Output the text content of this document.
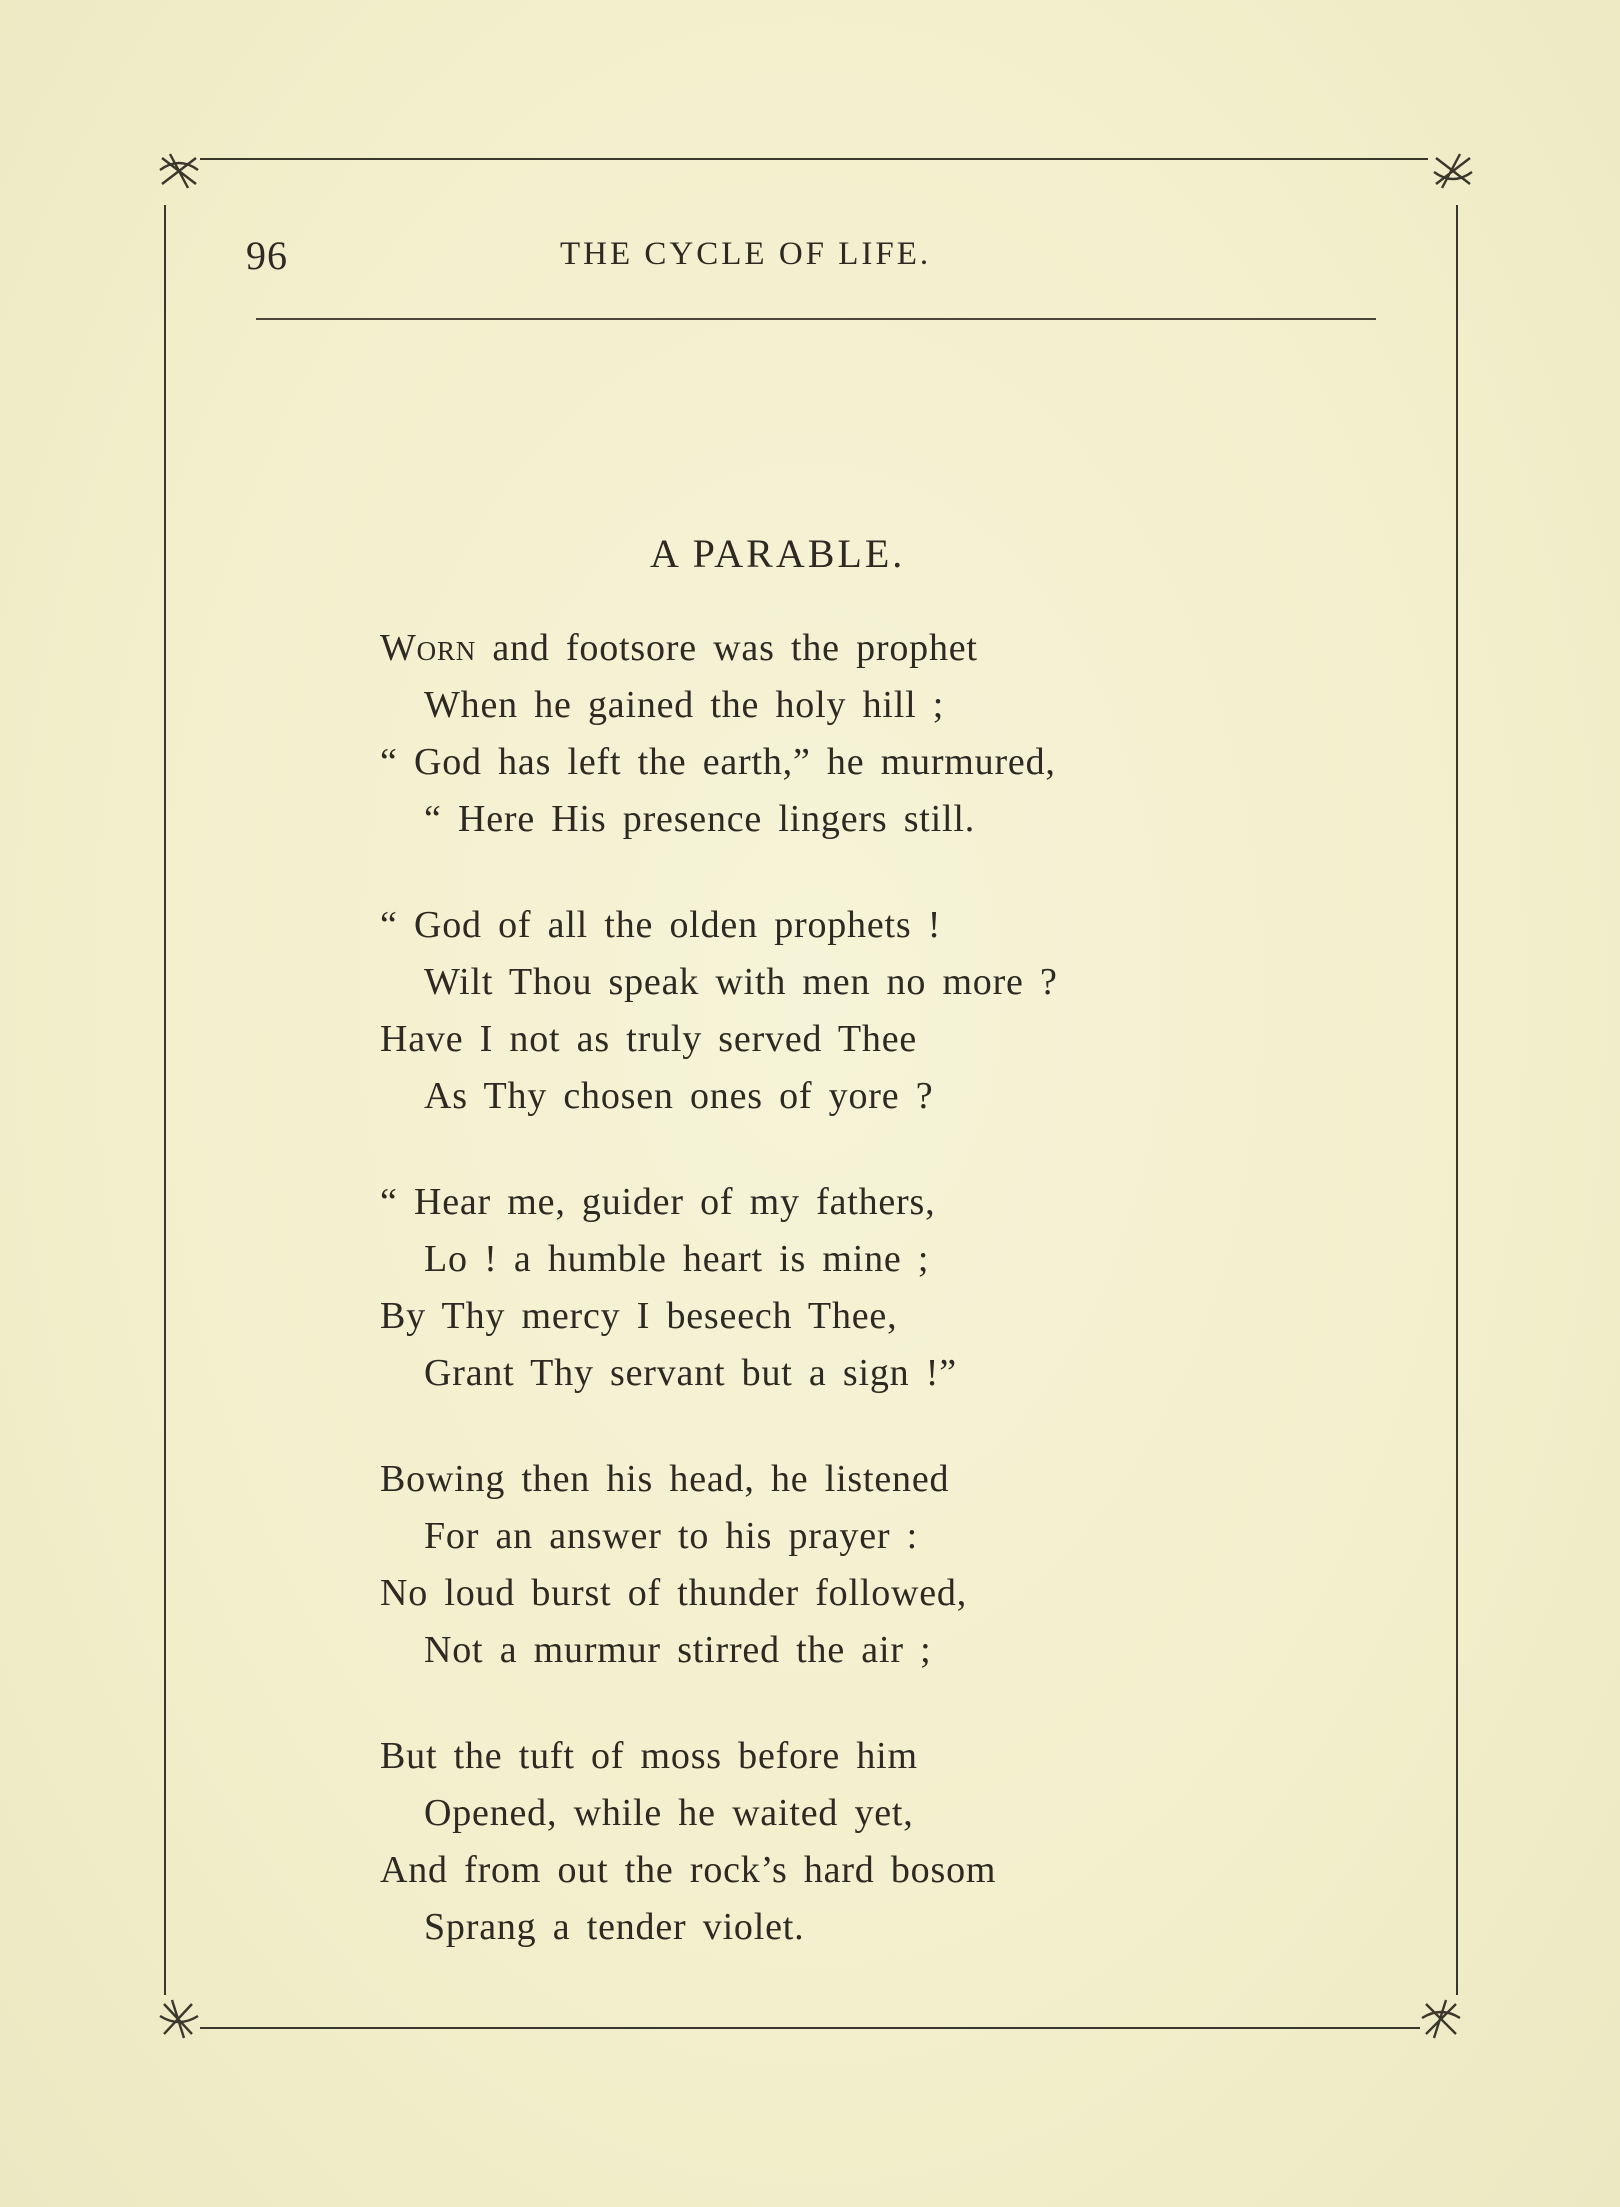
96	THE CYCLE OF LIFE.
A PARABLE.
Worn and footsore was the prophet
When he gained the holy hill ;
“ God has left the earth,” he murmured,
“ Here His presence lingers still.
“ God of all the olden prophets !
Wilt Thou speak with men no more ?
Have I not as truly served Thee
As Thy chosen ones of yore ?
“ Hear me, guider of my fathers,
Lo ! a humble heart is mine ;
By Thy mercy I beseech Thee,
Grant Thy servant but a sign !”
Bowing then his head, he listened
For an answer to his prayer :
No loud burst of thunder followed,
Not a murmur stirred the air ;
But the tuft of moss before him
Opened, while he waited yet,
And from out the rock’s hard bosom
Sprang a tender violet.
